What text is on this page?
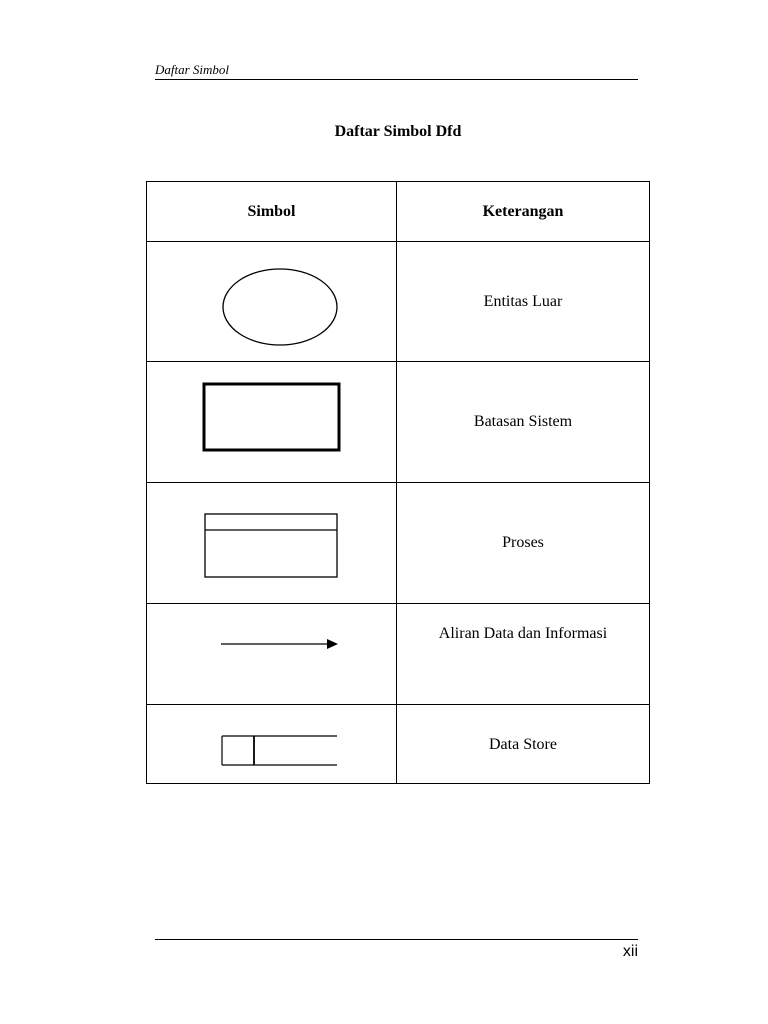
Daftar Simbol
Daftar Simbol Dfd
Simbol	Keterangan

	Entitas Luar

	Batasan Sistem

	Proses

	Aliran Data dan Informasi

	Data Store
xii
